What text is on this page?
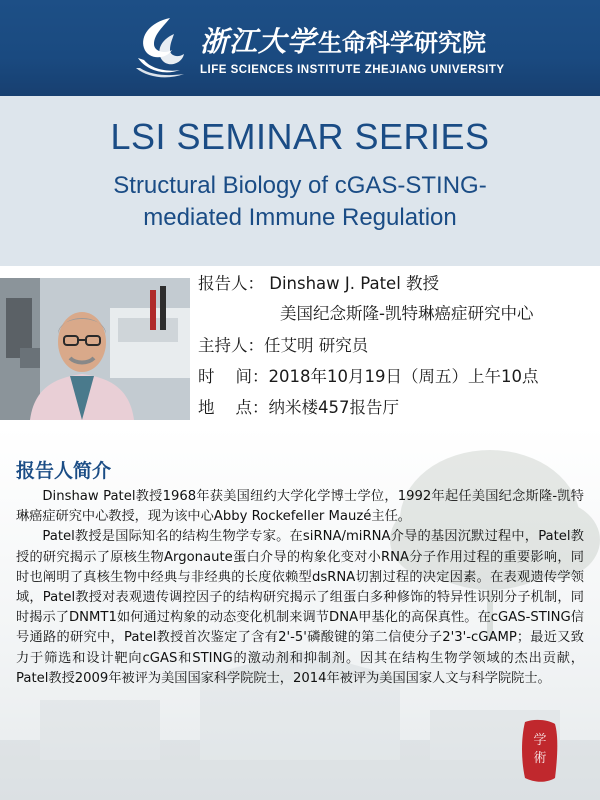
浙江大学生命科学研究院
LIFE SCIENCES INSTITUTE ZHEJIANG UNIVERSITY
LSI SEMINAR SERIES
Structural Biology of cGAS-STING-
mediated Immune Regulation
报告人： Dinshaw J. Patel 教授
美国纪念斯隆-凯特琳癌症研究中心
主持人：任艾明 研究员
时    间：2018年10月19日（周五）上午10点
地    点：纳米楼457报告厅
报告人简介

Dinshaw Patel教授1968年获美国纽约大学化学博士学位，1992年起任美国纪念斯隆-凯特琳癌症研究中心教授，现为该中心Abby Rockefeller Mauzé主任。

Patel教授是国际知名的结构生物学专家。在siRNA/miRNA介导的基因沉默过程中，Patel教授的研究揭示了原核生物Argonaute蛋白介导的构象化变对小RNA分子作用过程的重要影响，同时也阐明了真核生物中经典与非经典的长度依赖型dsRNA切割过程的决定因素。在表观遗传学领域，Patel教授对表观遗传调控因子的结构研究揭示了组蛋白多种修饰的特异性识别分子机制，同时揭示了DNMT1如何通过构象的动态变化机制来调节DNA甲基化的高保真性。在cGAS-STING信号通路的研究中，Patel教授首次鉴定了含有2'-5'磷酸键的第二信使分子2'3'-cGAMP；最近又致力于筛选和设计靶向cGAS和STING的激动剂和抑制剂。因其在结构生物学领域的杰出贡献，Patel教授2009年被评为美国国家科学院院士，2014年被评为美国国家人文与科学院院士。

学
術
